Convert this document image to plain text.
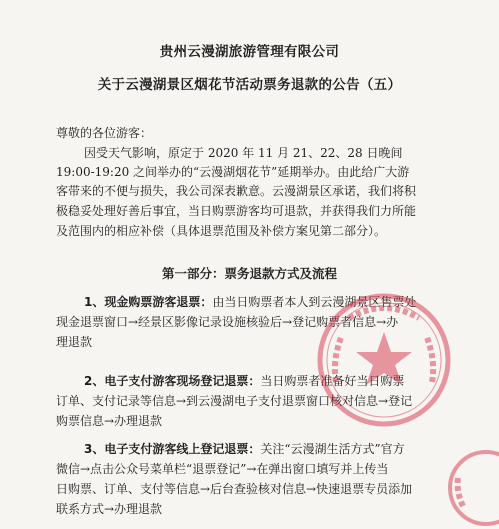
贵州云漫湖旅游管理有限公司
关于云漫湖景区烟花节活动票务退款的公告（五）
尊敬的各位游客：
因受天气影响，原定于 2020 年 11 月 21、22、28 日晚间
19:00-19:20 之间举办的“云漫湖烟花节”延期举办。由此给广大游
客带来的不便与损失，我公司深表歉意。云漫湖景区承诺，我们将积
极稳妥处理好善后事宜，当日购票游客均可退款，并获得我们力所能
及范围内的相应补偿（具体退票范围及补偿方案见第二部分）。
第一部分：票务退款方式及流程
1、现金购票游客退票：由当日购票者本人到云漫湖景区售票处
现金退票窗口→经景区影像记录设施核验后→登记购票者信息→办
理退款
2、电子支付游客现场登记退票：当日购票者准备好当日购票
订单、支付记录等信息→到云漫湖电子支付退票窗口核对信息→登记
购票信息→办理退款
3、电子支付游客线上登记退票：关注“云漫湖生活方式”官方
微信→点击公众号菜单栏“退票登记”→在弹出窗口填写并上传当
日购票、订单、支付等信息→后台查验核对信息→快速退票专员添加
联系方式→办理退款
